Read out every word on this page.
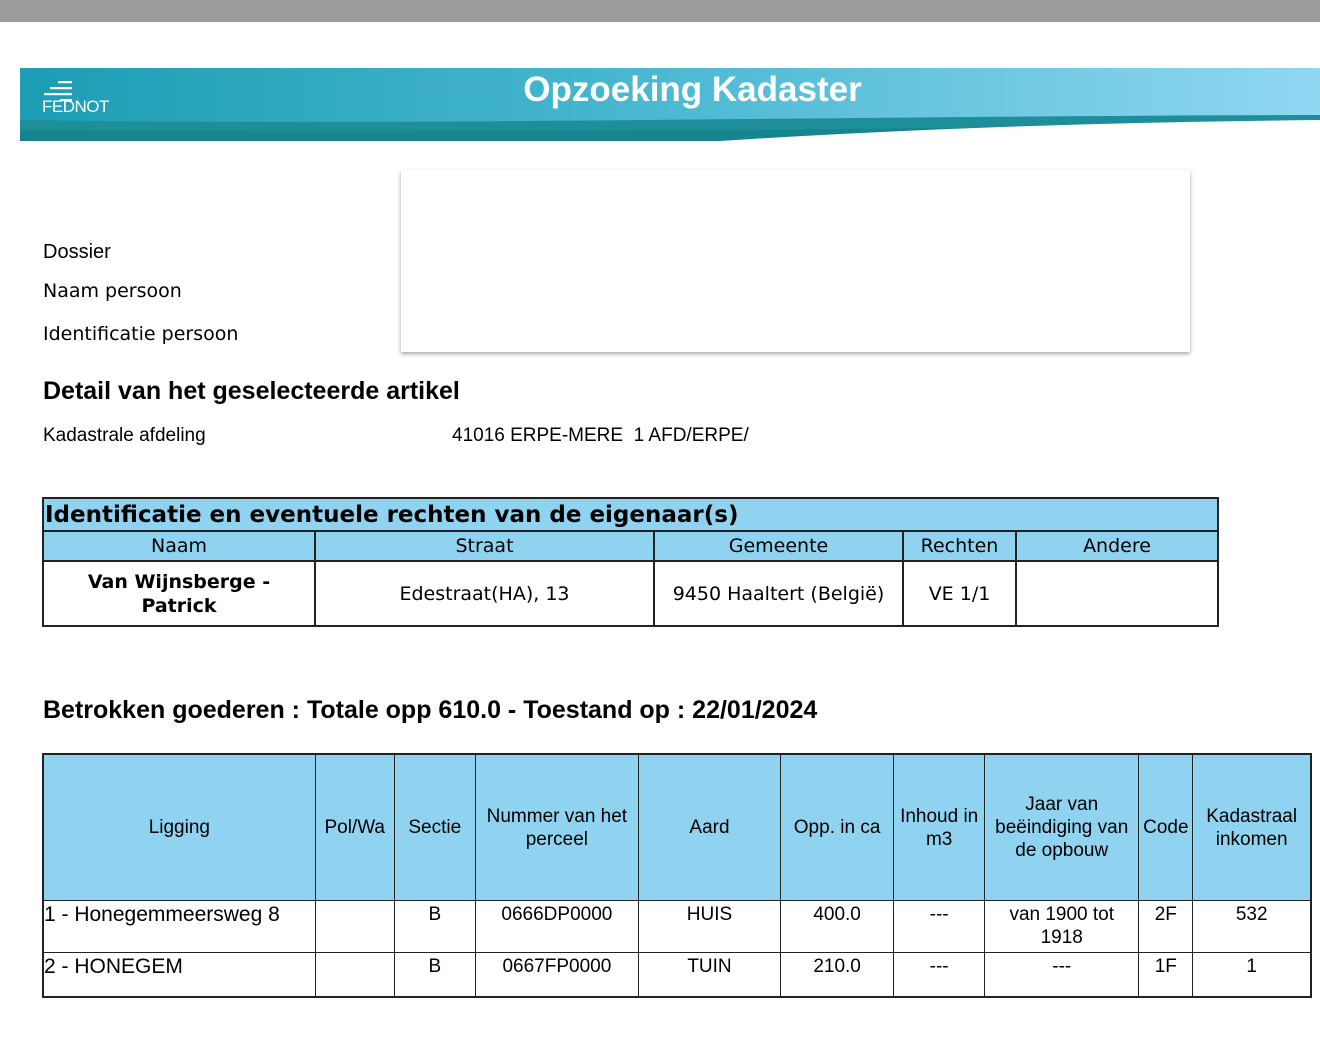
FEDNOT	Opzoeking Kadaster
Dossier
Naam persoon
Identificatie persoon
Detail van het geselecteerde artikel
Kadastrale afdeling	41016 ERPE-MERE  1 AFD/ERPE/
Identificatie en eventuele rechten van de eigenaar(s)				
Naam	Straat	Gemeente	Rechten	Andere

Van Wijnsberge - Patrick	Edestraat(HA), 13	9450 Haaltert (België)	VE 1/1	
Betrokken goederen : Totale opp 610.0 - Toestand op : 22/01/2024
Ligging	Pol/Wa	Sectie	Nummer van het perceel	Aard	Opp. in ca	Inhoud in m3	Jaar van beëindiging van de opbouw	Code	Kadastraal inkomen

1 - Honegemmeersweg 8		B	0666DP0000	HUIS	400.0	---	van 1900 tot 1918	2F	532
2 - HONEGEM		B	0667FP0000	TUIN	210.0	---	---	1F	1
